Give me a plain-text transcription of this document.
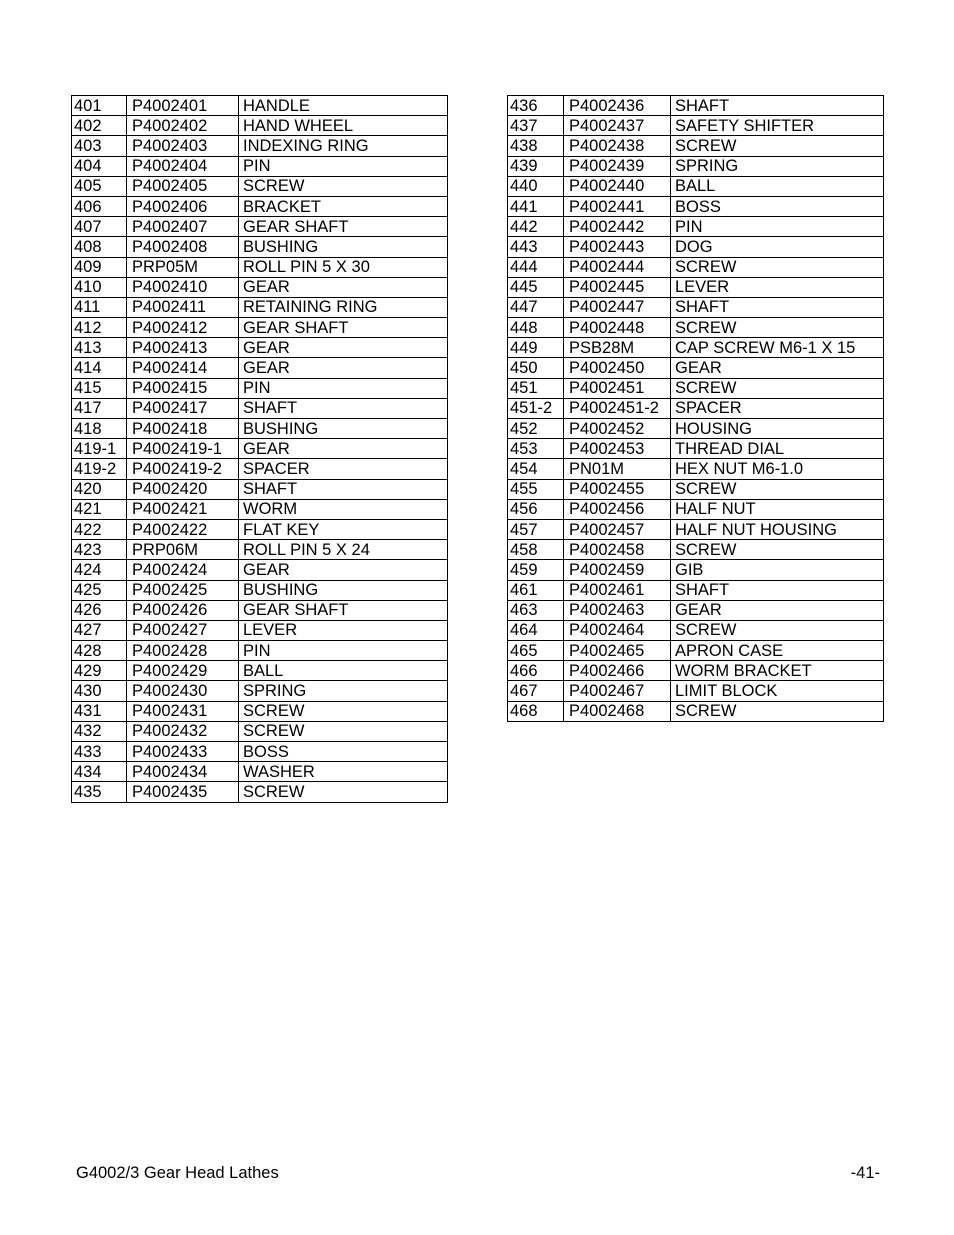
401	P4002401	HANDLE
402	P4002402	HAND WHEEL
403	P4002403	INDEXING RING
404	P4002404	PIN
405	P4002405	SCREW
406	P4002406	BRACKET
407	P4002407	GEAR SHAFT
408	P4002408	BUSHING
409	PRP05M	ROLL PIN 5 X 30
410	P4002410	GEAR
411	P4002411	RETAINING RING
412	P4002412	GEAR SHAFT
413	P4002413	GEAR
414	P4002414	GEAR
415	P4002415	PIN
417	P4002417	SHAFT
418	P4002418	BUSHING
419-1	P4002419-1	GEAR
419-2	P4002419-2	SPACER
420	P4002420	SHAFT
421	P4002421	WORM
422	P4002422	FLAT KEY
423	PRP06M	ROLL PIN 5 X 24
424	P4002424	GEAR
425	P4002425	BUSHING
426	P4002426	GEAR SHAFT
427	P4002427	LEVER
428	P4002428	PIN
429	P4002429	BALL
430	P4002430	SPRING
431	P4002431	SCREW
432	P4002432	SCREW
433	P4002433	BOSS
434	P4002434	WASHER
435	P4002435	SCREW
436	P4002436	SHAFT
437	P4002437	SAFETY SHIFTER
438	P4002438	SCREW
439	P4002439	SPRING
440	P4002440	BALL
441	P4002441	BOSS
442	P4002442	PIN
443	P4002443	DOG
444	P4002444	SCREW
445	P4002445	LEVER
447	P4002447	SHAFT
448	P4002448	SCREW
449	PSB28M	CAP SCREW M6-1 X 15
450	P4002450	GEAR
451	P4002451	SCREW
451-2	P4002451-2	SPACER
452	P4002452	HOUSING
453	P4002453	THREAD DIAL
454	PN01M	HEX NUT M6-1.0
455	P4002455	SCREW
456	P4002456	HALF NUT
457	P4002457	HALF NUT HOUSING
458	P4002458	SCREW
459	P4002459	GIB
461	P4002461	SHAFT
463	P4002463	GEAR
464	P4002464	SCREW
465	P4002465	APRON CASE
466	P4002466	WORM BRACKET
467	P4002467	LIMIT BLOCK
468	P4002468	SCREW
G4002/3 Gear Head Lathes	-41-
